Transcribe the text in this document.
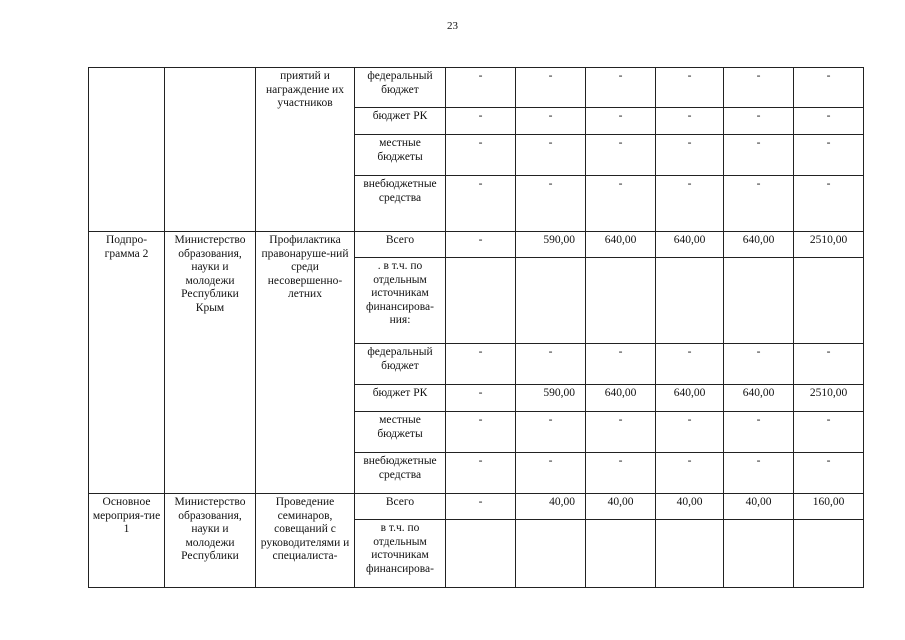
23
		приятий и награждение их участников	федеральный бюджет	-	-	-	-	-	-
			бюджет РК	-	-	-	-	-	-
			местные бюджеты	-	-	-	-	-	-
			внебюджетные средства	-	-	-	-	-	-
Подпро-грамма 2	Министерство образования, науки и молодежи Республики Крым	Профилактика правонаруше-ний среди несовершенно-летних	Всего	-	590,00	640,00	640,00	640,00	2510,00
			. в т.ч. по отдельным источникам финансирова-ния:						
			федеральный бюджет	-	-	-	-	-	-
			бюджет РК	-	590,00	640,00	640,00	640,00	2510,00
			местные бюджеты	-	-	-	-	-	-
			внебюджетные средства	-	-	-	-	-	-
Основное мероприя-тие 1	Министерство образования, науки и молодежи Республики	Проведение семинаров, совещаний с руководителями и специалиста-	Всего	-	40,00	40,00	40,00	40,00	160,00
			в т.ч. по отдельным источникам финансирова-						
